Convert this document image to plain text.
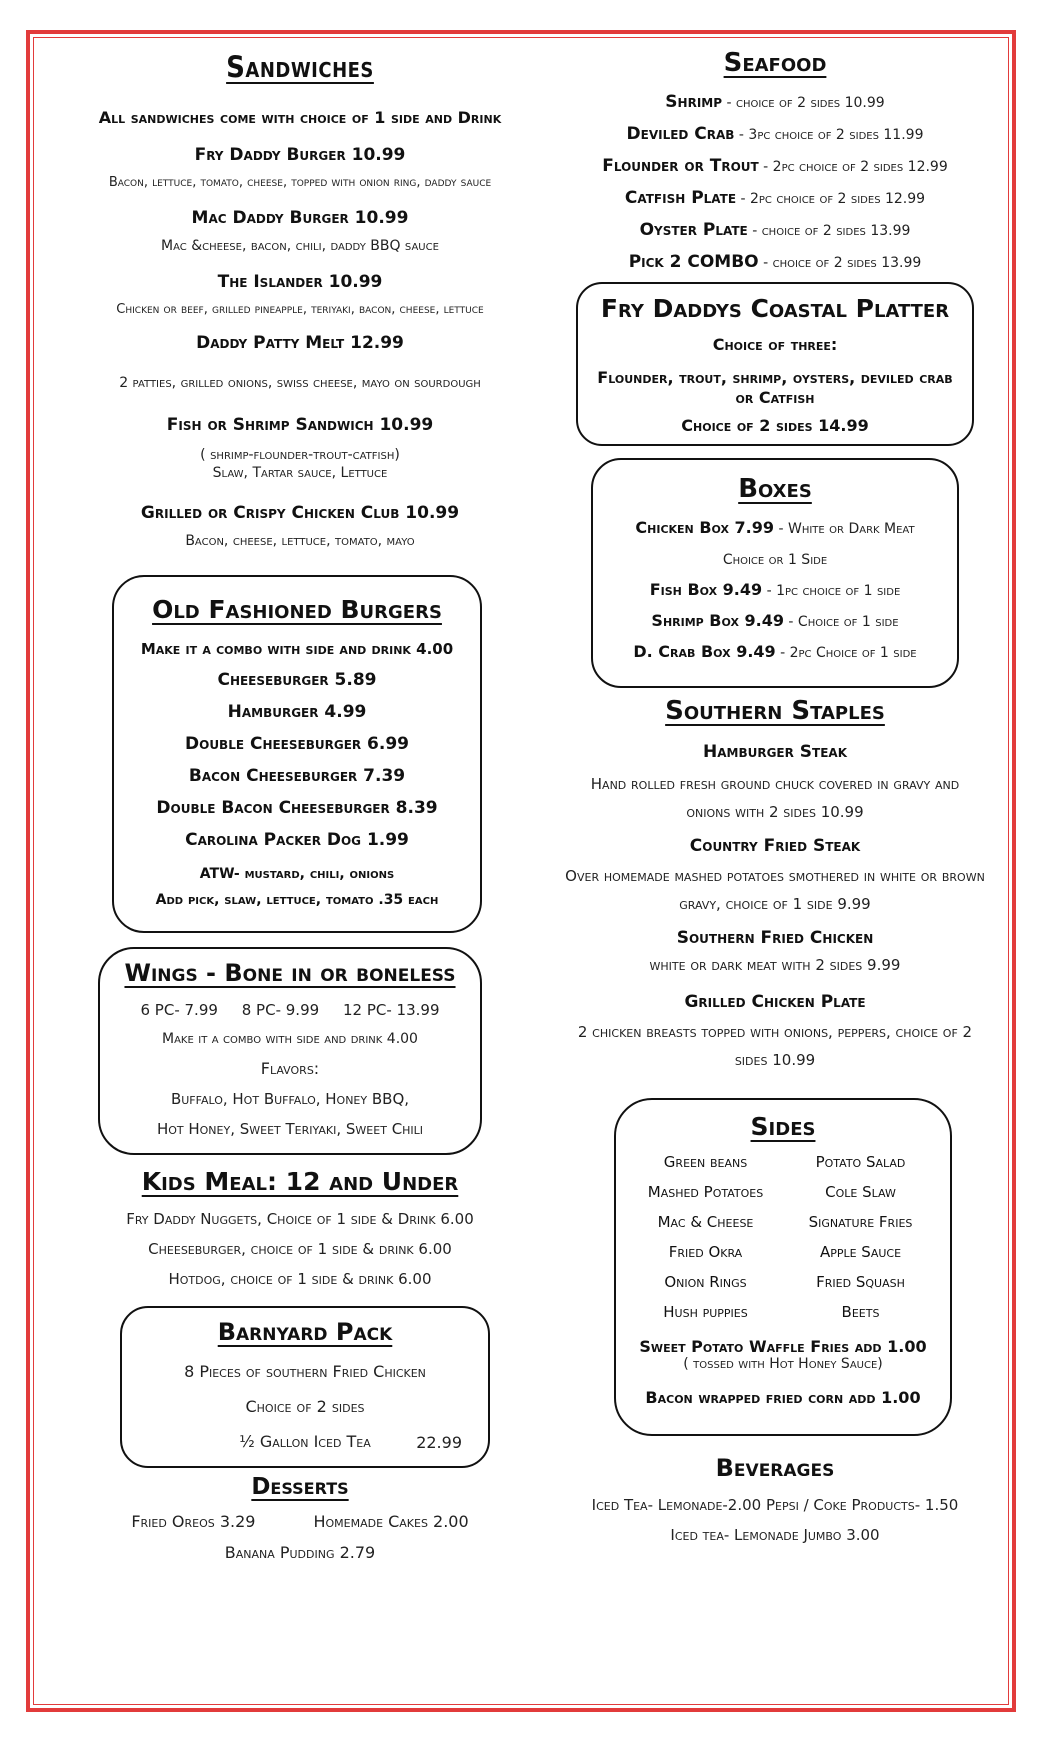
Sandwiches
All sandwiches come with choice of 1 side and Drink
Fry Daddy Burger 10.99
Bacon, lettuce, tomato, cheese, topped with onion ring, daddy sauce
Mac Daddy Burger 10.99
Mac &cheese, bacon, chili, daddy BBQ sauce
The Islander 10.99
Chicken or beef, grilled pineapple, teriyaki, bacon, cheese, lettuce
Daddy Patty Melt 12.99
2 patties, grilled onions, swiss cheese, mayo on sourdough
Fish or Shrimp Sandwich 10.99
( shrimp-flounder-trout-catfish)
Slaw, Tartar sauce, Lettuce
Grilled or Crispy Chicken Club 10.99
Bacon, cheese, lettuce, tomato, mayo
Old Fashioned Burgers
Make it a combo with side and drink 4.00
Cheeseburger 5.89
Hamburger 4.99
Double Cheeseburger 6.99
Bacon Cheeseburger 7.39
Double Bacon Cheeseburger 8.39
Carolina Packer Dog 1.99
ATW- mustard, chili, onions
Add pick, slaw, lettuce, tomato .35 each
Wings - Bone in or boneless
6 PC- 7.99     8 PC- 9.99     12 PC- 13.99
Make it a combo with side and drink 4.00
Flavors:
Buffalo, Hot Buffalo, Honey BBQ,
Hot Honey, Sweet Teriyaki, Sweet Chili
Kids Meal: 12 and Under
Fry Daddy Nuggets, Choice of 1 side & Drink 6.00
Cheeseburger, choice of 1 side & drink 6.00
Hotdog, choice of 1 side & drink 6.00
Barnyard Pack
8 Pieces of southern Fried Chicken
Choice of 2 sides
½ Gallon Iced Tea	22.99
Desserts
Fried Oreos 3.29	Homemade Cakes 2.00
Banana Pudding 2.79
Seafood
Shrimp - choice of 2 sides 10.99
Deviled Crab - 3pc choice of 2 sides 11.99
Flounder or Trout - 2pc choice of 2 sides 12.99
Catfish Plate - 2pc choice of 2 sides 12.99
Oyster Plate - choice of 2 sides 13.99
Pick 2 COMBO - choice of 2 sides 13.99
Fry Daddys Coastal Platter
Choice of three:
Flounder, trout, shrimp, oysters, deviled crab or Catfish
Choice of 2 sides 14.99
Boxes
Chicken Box 7.99 - White or Dark Meat
Choice or 1 Side
Fish Box 9.49 - 1pc choice of 1 side
Shrimp Box 9.49 - Choice of 1 side
D. Crab Box 9.49 - 2pc Choice of 1 side
Southern Staples
Hamburger Steak
Hand rolled fresh ground chuck covered in gravy and onions with 2 sides 10.99
Country Fried Steak
Over homemade mashed potatoes smothered in white or brown gravy, choice of 1 side 9.99
Southern Fried Chicken
white or dark meat with 2 sides 9.99
Grilled Chicken Plate
2 chicken breasts topped with onions, peppers, choice of 2 sides 10.99
Sides
Green beans	Potato Salad
Mashed Potatoes	Cole Slaw
Mac & Cheese	Signature Fries
Fried Okra	Apple Sauce
Onion Rings	Fried Squash
Hush puppies	Beets
Sweet Potato Waffle Fries add 1.00
( tossed with Hot Honey Sauce)
Bacon wrapped fried corn add 1.00
Beverages
Iced Tea- Lemonade-2.00 Pepsi / Coke Products- 1.50
Iced tea- Lemonade Jumbo 3.00
